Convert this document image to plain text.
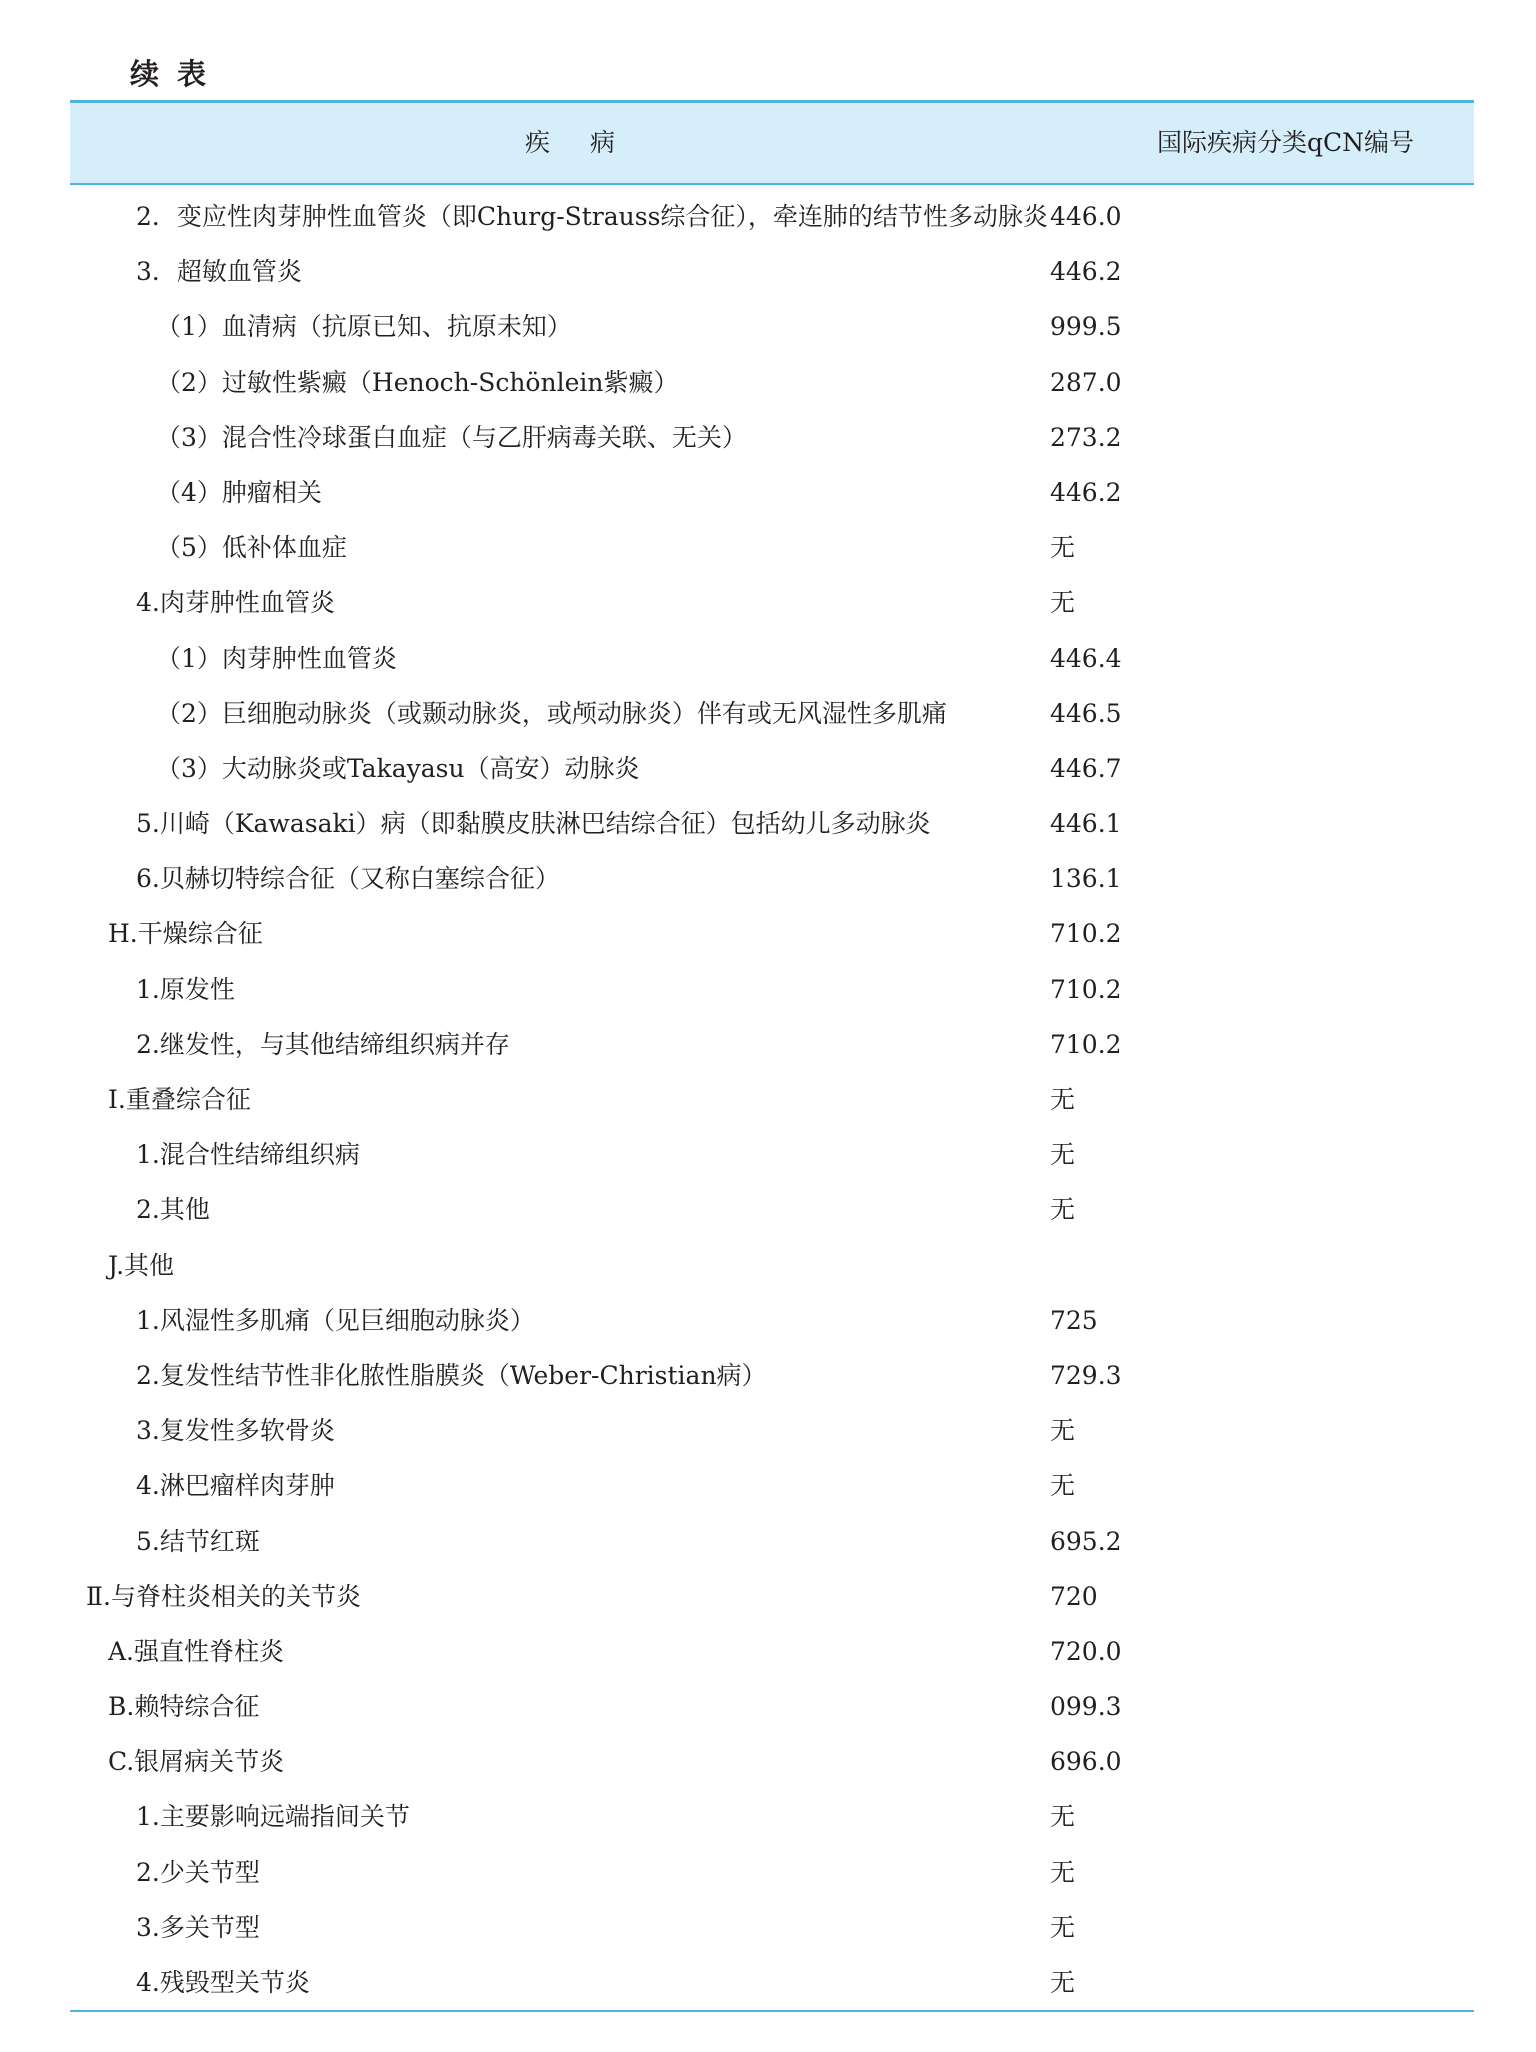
续表
疾病	国际疾病分类qCN编号
2．变应性肉芽肿性血管炎（即Churg-Strauss综合征），牵连肺的结节性多动脉炎 446.0
3．超敏血管炎	446.2
（1）血清病（抗原已知、抗原未知）	999.5
（2）过敏性紫癜（Henoch-Schönlein紫癜）	287.0
（3）混合性冷球蛋白血症（与乙肝病毒关联、无关）	273.2
（4）肿瘤相关	446.2
（5）低补体血症	无
4.肉芽肿性血管炎	无
（1）肉芽肿性血管炎	446.4
（2）巨细胞动脉炎（或颞动脉炎，或颅动脉炎）伴有或无风湿性多肌痛	446.5
（3）大动脉炎或Takayasu（高安）动脉炎	446.7
5.川崎（Kawasaki）病（即黏膜皮肤淋巴结综合征）包括幼儿多动脉炎	446.1
6.贝赫切特综合征（又称白塞综合征）	136.1
H.干燥综合征	710.2
1.原发性	710.2
2.继发性，与其他结缔组织病并存	710.2
I.重叠综合征	无
1.混合性结缔组织病	无
2.其他	无
J.其他
1.风湿性多肌痛（见巨细胞动脉炎）	725
2.复发性结节性非化脓性脂膜炎（Weber-Christian病）	729.3
3.复发性多软骨炎	无
4.淋巴瘤样肉芽肿	无
5.结节红斑	695.2
Ⅱ.与脊柱炎相关的关节炎	720
A.强直性脊柱炎	720.0
B.赖特综合征	099.3
C.银屑病关节炎	696.0
1.主要影响远端指间关节	无
2.少关节型	无
3.多关节型	无
4.残毁型关节炎	无
